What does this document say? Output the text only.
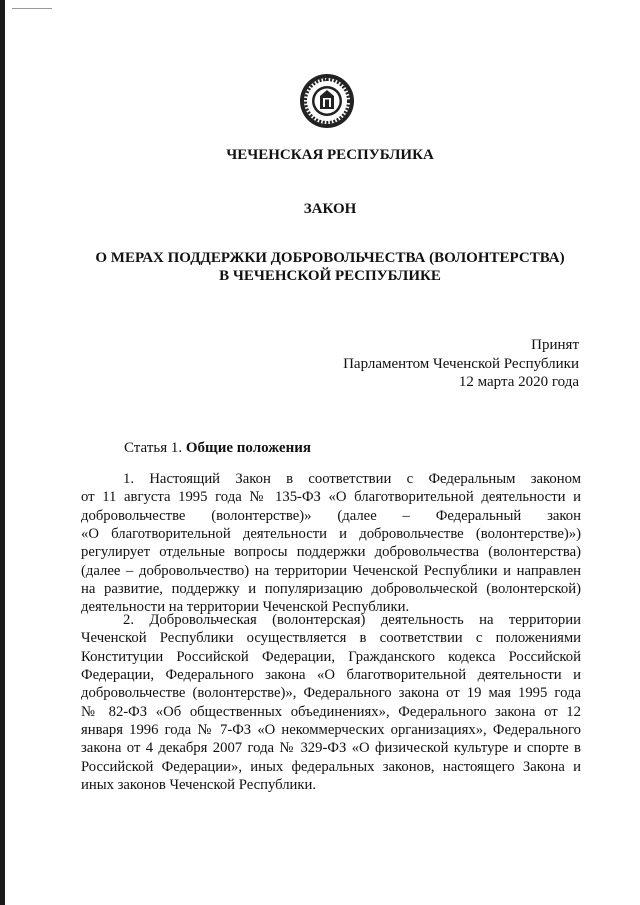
ЧЕЧЕНСКАЯ РЕСПУБЛИКА
ЗАКОН
О МЕРАХ ПОДДЕРЖКИ ДОБРОВОЛЬЧЕСТВА (ВОЛОНТЕРСТВА)
В ЧЕЧЕНСКОЙ РЕСПУБЛИКЕ
Принят
Парламентом Чеченской Республики
12 марта 2020 года
Статья 1. Общие положения
1. Настоящий Закон в соответствии с Федеральным законом
от 11 августа 1995 года № 135-ФЗ «О благотворительной деятельности и
добровольчестве (волонтерстве)» (далее – Федеральный закон
«О благотворительной деятельности и добровольчестве (волонтерстве)»)
регулирует отдельные вопросы поддержки добровольчества (волонтерства)
(далее – добровольчество) на территории Чеченской Республики и направлен
на развитие, поддержку и популяризацию добровольческой (волонтерской)
деятельности на территории Чеченской Республики.
2. Добровольческая (волонтерская) деятельность на территории
Чеченской Республики осуществляется в соответствии с положениями
Конституции Российской Федерации, Гражданского кодекса Российской
Федерации, Федерального закона «О благотворительной деятельности и
добровольчестве (волонтерстве)», Федерального закона от 19 мая 1995 года
№ 82-ФЗ «Об общественных объединениях», Федерального закона от 12
января 1996 года № 7-ФЗ «О некоммерческих организациях», Федерального
закона от 4 декабря 2007 года № 329-ФЗ «О физической культуре и спорте в
Российской Федерации», иных федеральных законов, настоящего Закона и
иных законов Чеченской Республики.
